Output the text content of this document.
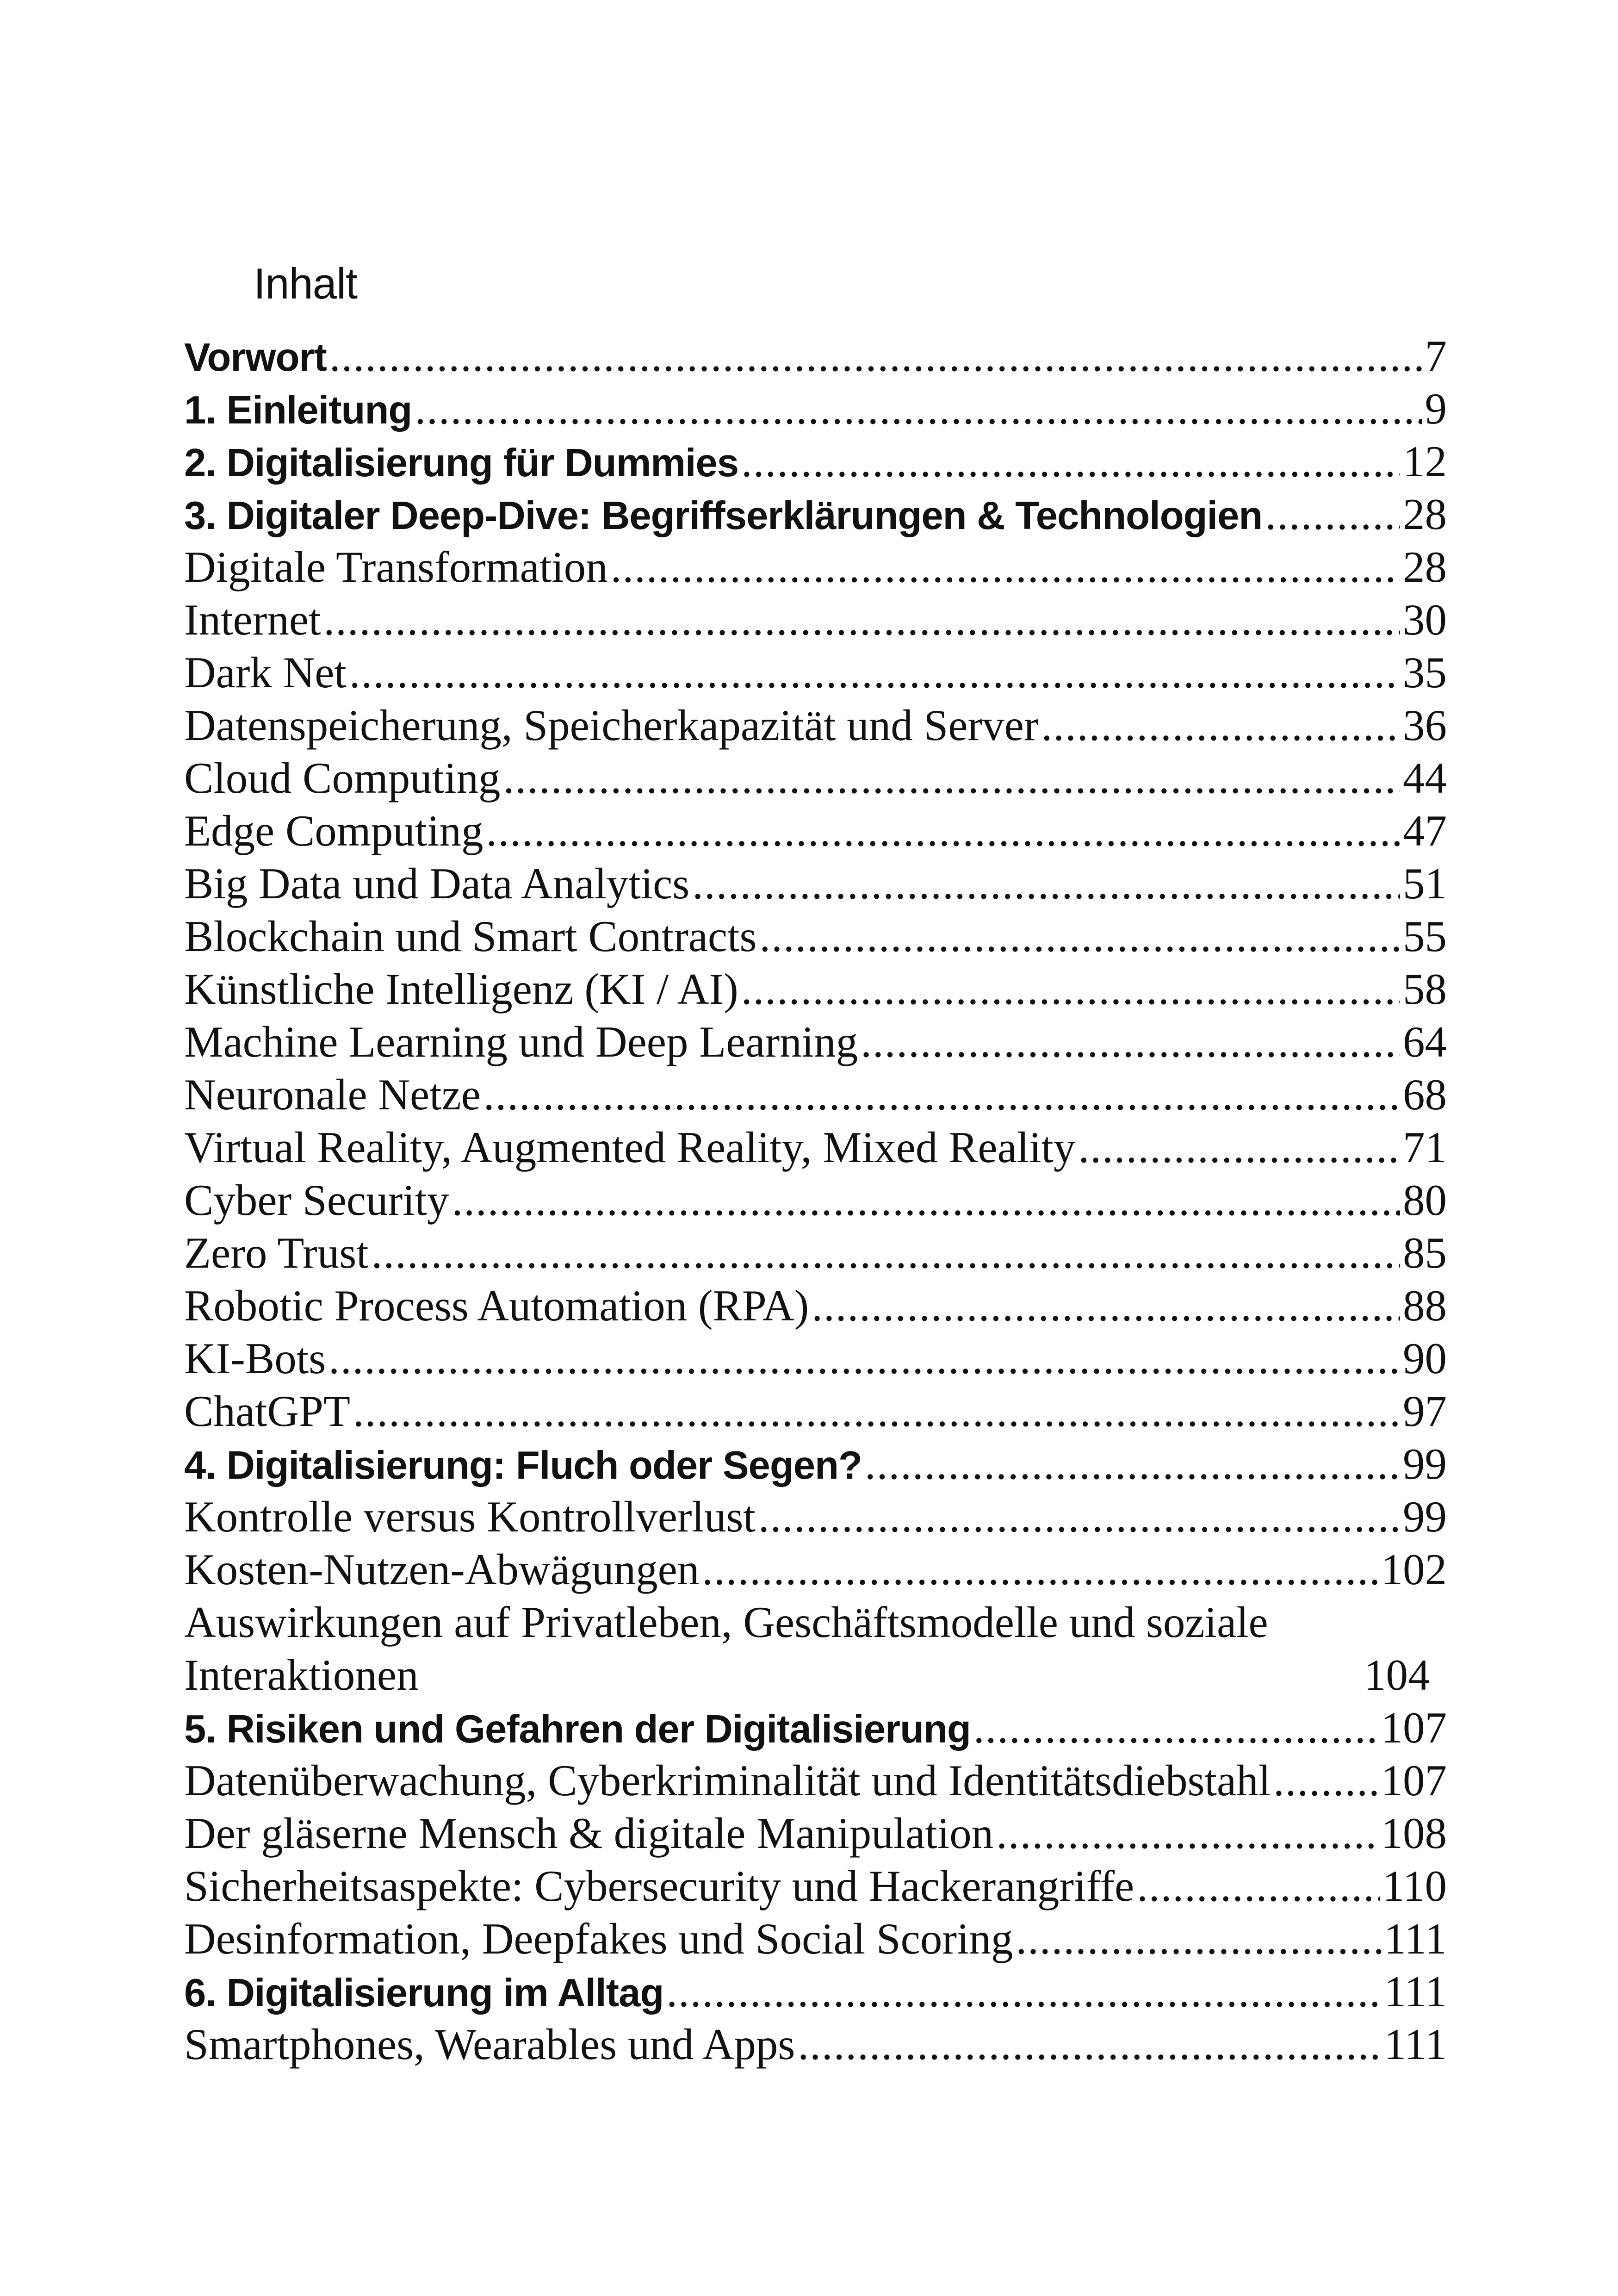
Inhalt
Vorwort .....	7
1. Einleitung .....	9
2. Digitalisierung für Dummies .....	12
3. Digitaler Deep-Dive: Begriffserklärungen & Technologien .....	28
Digitale Transformation .....	28
Internet .....	30
Dark Net .....	35
Datenspeicherung, Speicherkapazität und Server .....	36
Cloud Computing .....	44
Edge Computing .....	47
Big Data und Data Analytics .....	51
Blockchain und Smart Contracts .....	55
Künstliche Intelligenz (KI / AI) .....	58
Machine Learning und Deep Learning .....	64
Neuronale Netze .....	68
Virtual Reality, Augmented Reality, Mixed Reality .....	71
Cyber Security .....	80
Zero Trust .....	85
Robotic Process Automation (RPA) .....	88
KI-Bots .....	90
ChatGPT .....	97
4. Digitalisierung: Fluch oder Segen? .....	99
Kontrolle versus Kontrollverlust .....	99
Kosten-Nutzen-Abwägungen .....	102
Auswirkungen auf Privatleben, Geschäftsmodelle und soziale Interaktionen	104
5. Risiken und Gefahren der Digitalisierung .....	107
Datenüberwachung, Cyberkriminalität und Identitätsdiebstahl .....	107
Der gläserne Mensch & digitale Manipulation .....	108
Sicherheitsaspekte: Cybersecurity und Hackerangriffe .....	110
Desinformation, Deepfakes und Social Scoring .....	111
6. Digitalisierung im Alltag .....	111
Smartphones, Wearables und Apps .....	111
